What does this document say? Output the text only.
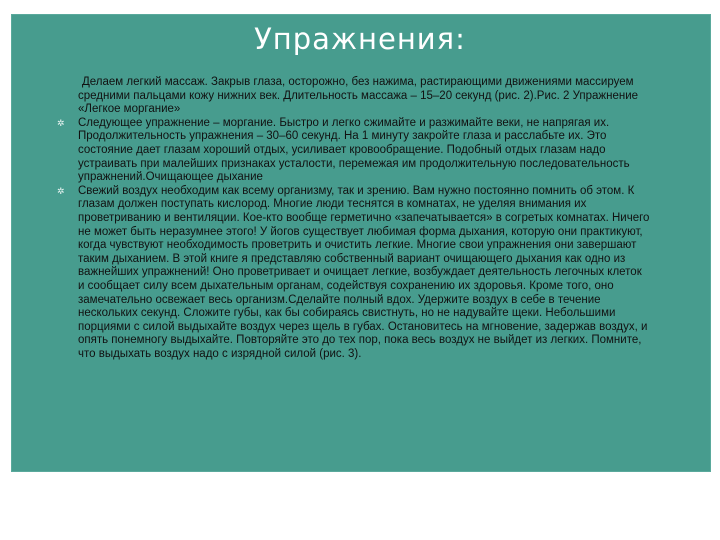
Упражнения:

Делаем легкий массаж. Закрыв глаза, осторожно, без нажима, растирающими движениями массируем средними пальцами кожу нижних век. Длительность массажа – 15–20 секунд (рис. 2).Рис. 2 Упражнение «Легкое моргание»

✲ Следующее упражнение – моргание. Быстро и легко сжимайте и разжимайте веки, не напрягая их. Продолжительность упражнения – 30–60 секунд. На 1 минуту закройте глаза и расслабьте их. Это состояние дает глазам хороший отдых, усиливает кровообращение. Подобный отдых глазам надо устраивать при малейших признаках усталости, перемежая им продолжительную последовательность упражнений.Очищающее дыхание

✲ Свежий воздух необходим как всему организму, так и зрению. Вам нужно постоянно помнить об этом. К глазам должен поступать кислород. Многие люди теснятся в комнатах, не уделяя внимания их проветриванию и вентиляции. Кое-кто вообще герметично «запечатывается» в согретых комнатах. Ничего не может быть неразумнее этого! У йогов существует любимая форма дыхания, которую они практикуют, когда чувствуют необходимость проветрить и очистить легкие. Многие свои упражнения они завершают таким дыханием. В этой книге я представляю собственный вариант очищающего дыхания как одно из важнейших упражнений! Оно проветривает и очищает легкие, возбуждает деятельность легочных клеток и сообщает силу всем дыхательным органам, содействуя сохранению их здоровья. Кроме того, оно замечательно освежает весь организм.Сделайте полный вдох. Удержите воздух в себе в течение нескольких секунд. Сложите губы, как бы собираясь свистнуть, но не надувайте щеки. Небольшими порциями с силой выдыхайте воздух через щель в губах. Остановитесь на мгновение, задержав воздух, и опять понемногу выдыхайте. Повторяйте это до тех пор, пока весь воздух не выйдет из легких. Помните, что выдыхать воздух надо с изрядной силой (рис. 3).
